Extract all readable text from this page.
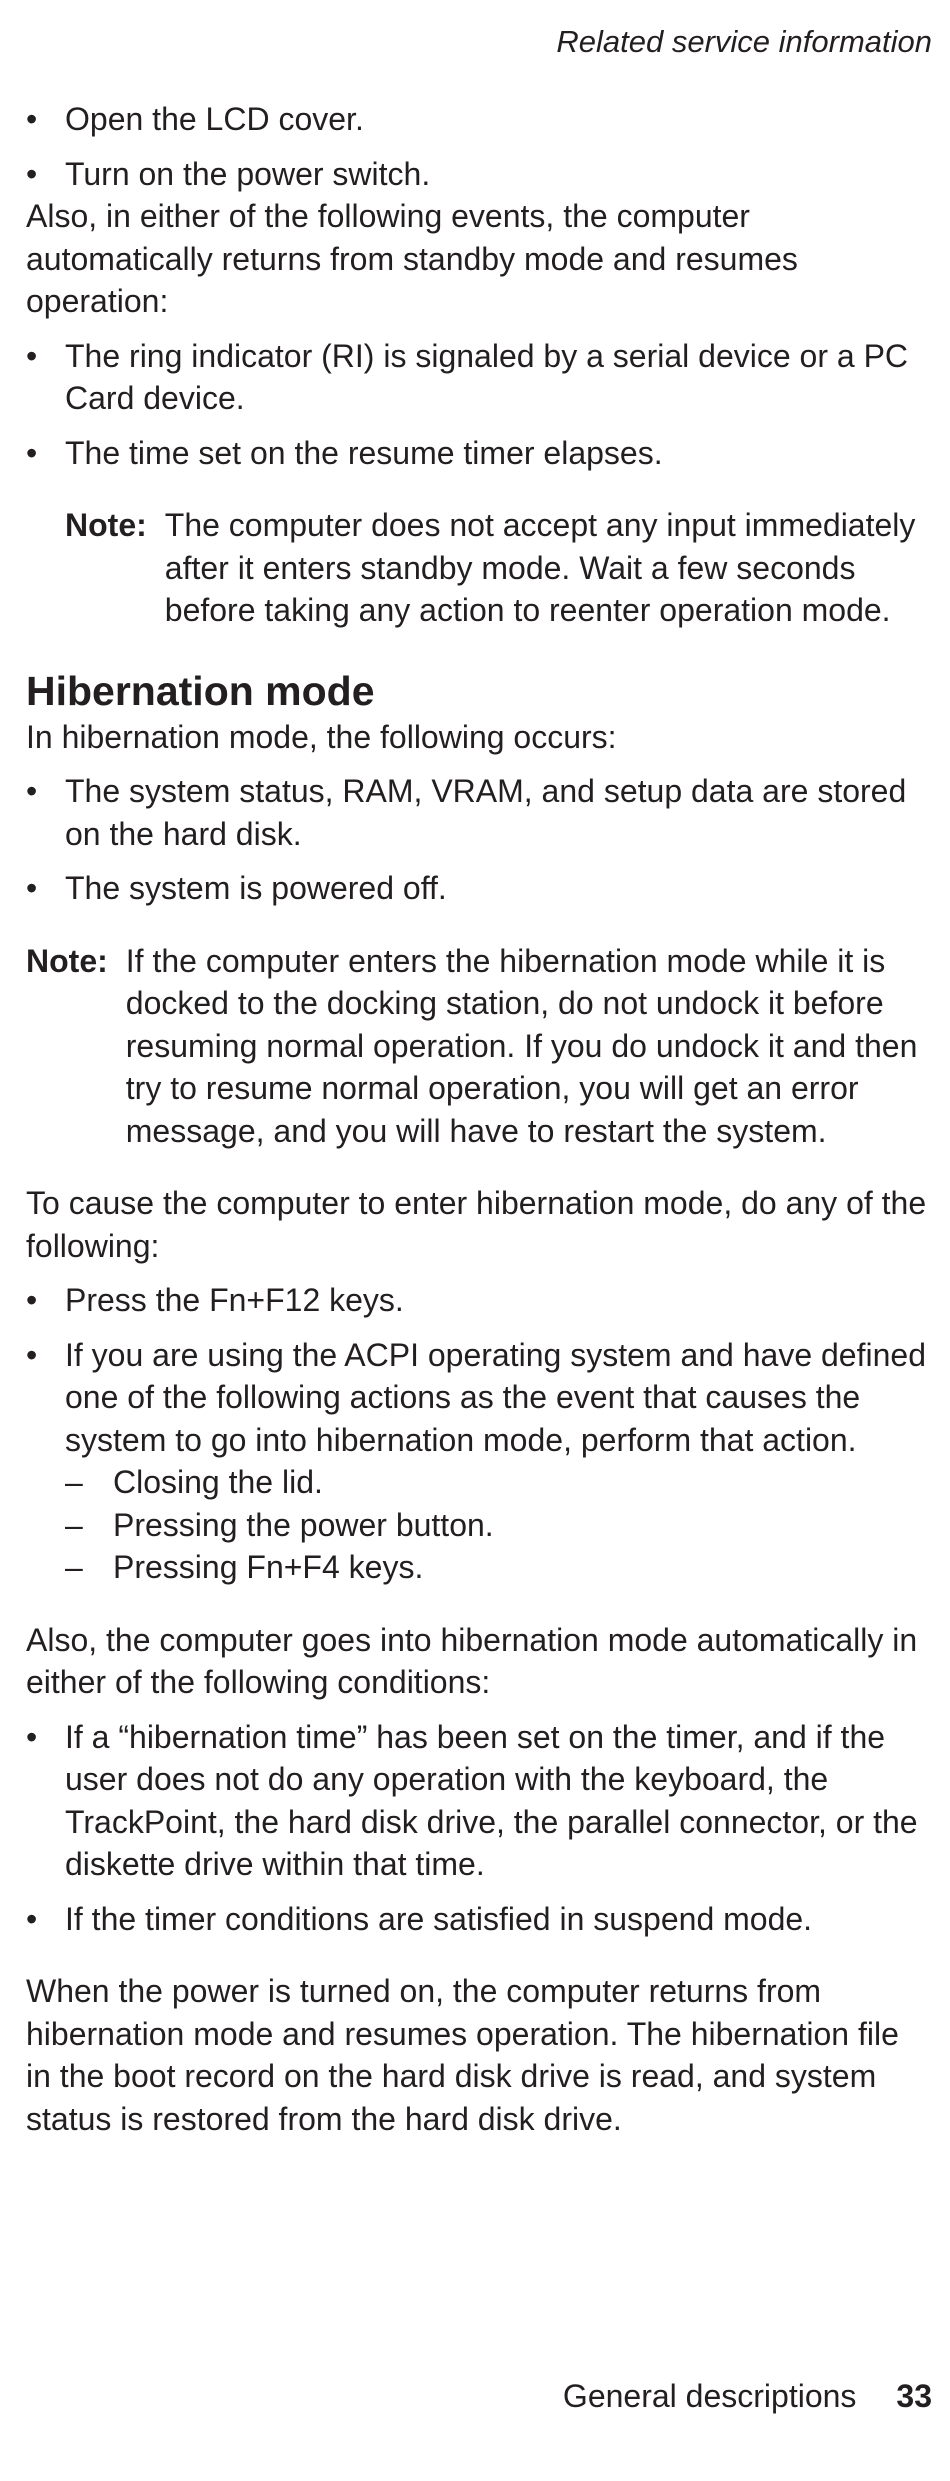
Related service information
• Open the LCD cover.
• Turn on the power switch.

Also, in either of the following events, the computer automatically returns from standby mode and resumes operation:

• The ring indicator (RI) is signaled by a serial device or a PC Card device.
• The time set on the resume timer elapses.
Note: The computer does not accept any input immediately after it enters standby mode. Wait a few seconds before taking any action to reenter operation mode.
Hibernation mode

In hibernation mode, the following occurs:

• The system status, RAM, VRAM, and setup data are stored on the hard disk.
• The system is powered off.
Note: If the computer enters the hibernation mode while it is docked to the docking station, do not undock it before resuming normal operation. If you do undock it and then try to resume normal operation, you will get an error message, and you will have to restart the system.

To cause the computer to enter hibernation mode, do any of the following:

• Press the Fn+F12 keys.
• If you are using the ACPI operating system and have defined one of the following actions as the event that causes the system to go into hibernation mode, perform that action.
– Closing the lid.
– Pressing the power button.
– Pressing Fn+F4 keys.

Also, the computer goes into hibernation mode automatically in either of the following conditions:

• If a “hibernation time” has been set on the timer, and if the user does not do any operation with the keyboard, the TrackPoint, the hard disk drive, the parallel connector, or the diskette drive within that time.
• If the timer conditions are satisfied in suspend mode.

When the power is turned on, the computer returns from hibernation mode and resumes operation. The hibernation file in the boot record on the hard disk drive is read, and system status is restored from the hard disk drive.

General descriptions 33
